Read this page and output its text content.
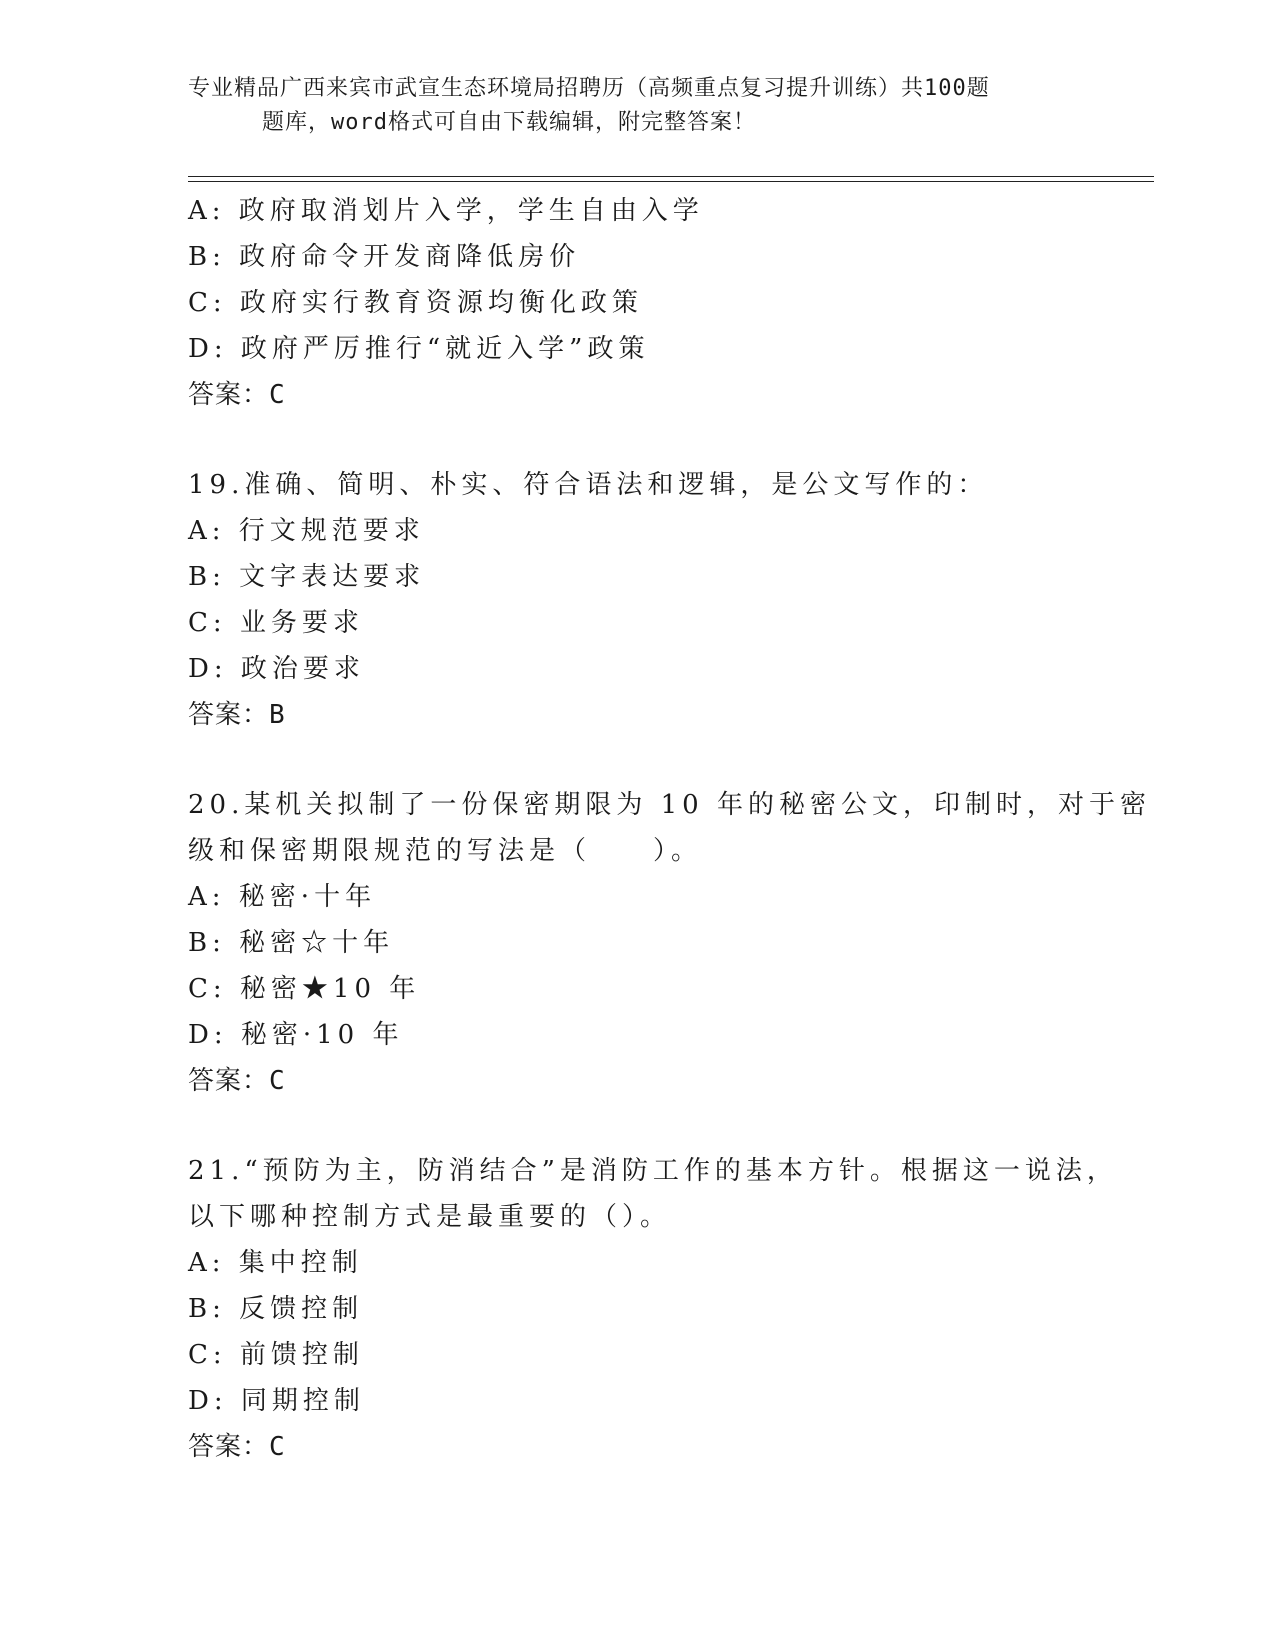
专业精品广西来宾市武宣生态环境局招聘历（高频重点复习提升训练）共100题
题库，word格式可自由下载编辑，附完整答案！
A: 政府取消划片入学，学生自由入学
B: 政府命令开发商降低房价
C: 政府实行教育资源均衡化政策
D: 政府严厉推行“就近入学”政策
答案：C
19.准确、简明、朴实、符合语法和逻辑，是公文写作的：
A: 行文规范要求
B: 文字表达要求
C: 业务要求
D: 政治要求
答案：B
20.某机关拟制了一份保密期限为 10 年的秘密公文，印制时，对于密
级和保密期限规范的写法是（　　）。
A: 秘密·十年
B: 秘密☆十年
C: 秘密★10 年
D: 秘密·10 年
答案：C
21.“预防为主，防消结合”是消防工作的基本方针。根据这一说法，
以下哪种控制方式是最重要的（）。
A: 集中控制
B: 反馈控制
C: 前馈控制
D: 同期控制
答案：C
